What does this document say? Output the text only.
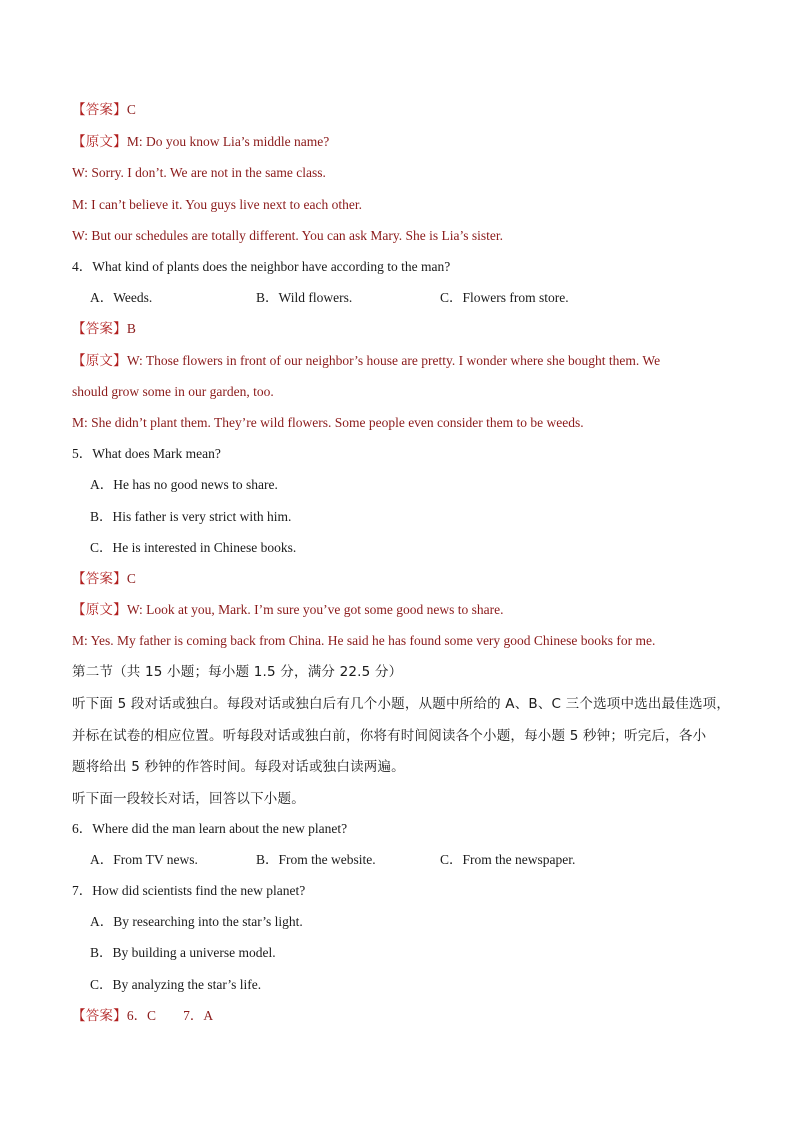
【答案】C
【原文】M: Do you know Lia’s middle name?
W: Sorry. I don’t. We are not in the same class.
M: I can’t believe it. You guys live next to each other.
W: But our schedules are totally different. You can ask Mary. She is Lia’s sister.
4．What kind of plants does the neighbor have according to the man?
A．Weeds.	B．Wild flowers.	C．Flowers from store.
【答案】B
【原文】W: Those flowers in front of our neighbor’s house are pretty. I wonder where she bought them. We
should grow some in our garden, too.
M: She didn’t plant them. They’re wild flowers. Some people even consider them to be weeds.
5．What does Mark mean?
A．He has no good news to share.
B．His father is very strict with him.
C．He is interested in Chinese books.
【答案】C
【原文】W: Look at you, Mark. I’m sure you’ve got some good news to share.
M: Yes. My father is coming back from China. He said he has found some very good Chinese books for me.
第二节（共 15 小题；每小题 1.5 分，满分 22.5 分）
听下面 5 段对话或独白。每段对话或独白后有几个小题，从题中所给的 A、B、C 三个选项中选出最佳选项，
并标在试卷的相应位置。听每段对话或独白前，你将有时间阅读各个小题，每小题 5 秒钟；听完后，各小
题将给出 5 秒钟的作答时间。每段对话或独白读两遍。
听下面一段较长对话，回答以下小题。
6．Where did the man learn about the new planet?
A．From TV news.	B．From the website.	C．From the newspaper.
7．How did scientists find the new planet?
A．By researching into the star’s light.
B．By building a universe model.
C．By analyzing the star’s life.
【答案】6．C　　7．A
